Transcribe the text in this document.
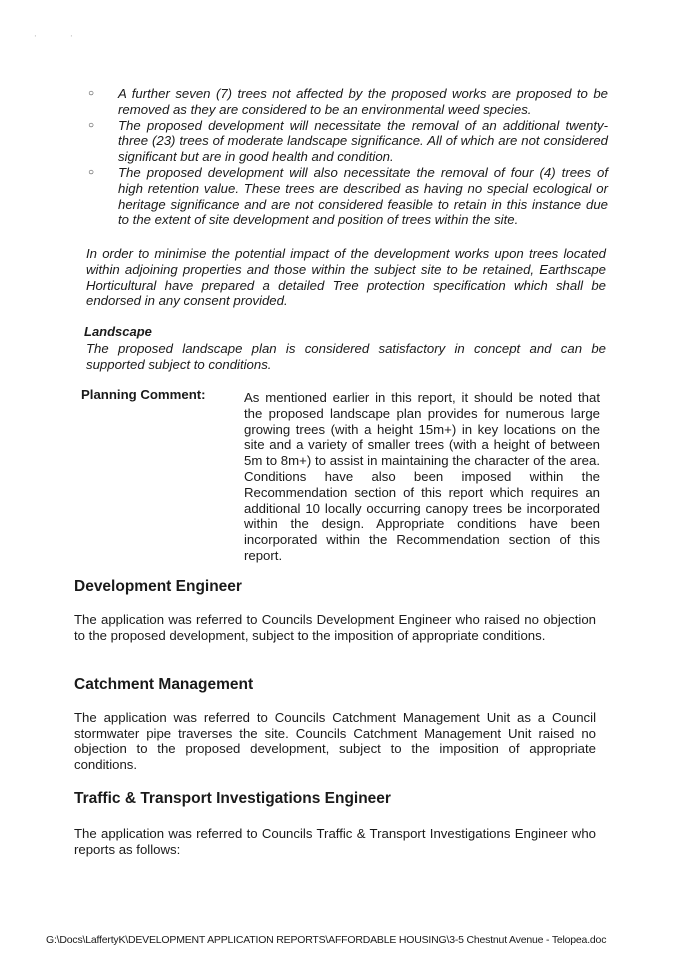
ˌ	ˌ
○ A further seven (7) trees not affected by the proposed works are proposed to be removed as they are considered to be an environmental weed species.
○ The proposed development will necessitate the removal of an additional twenty-three (23) trees of moderate landscape significance. All of which are not considered significant but are in good health and condition.
○ The proposed development will also necessitate the removal of four (4) trees of high retention value. These trees are described as having no special ecological or heritage significance and are not considered feasible to retain in this instance due to the extent of site development and position of trees within the site.

In order to minimise the potential impact of the development works upon trees located within adjoining properties and those within the subject site to be retained, Earthscape Horticultural have prepared a detailed Tree protection specification which shall be endorsed in any consent provided.

Landscape

The proposed landscape plan is considered satisfactory in concept and can be supported subject to conditions.

Planning Comment:	As mentioned earlier in this report, it should be noted that the proposed landscape plan provides for numerous large growing trees (with a height 15m+) in key locations on the site and a variety of smaller trees (with a height of between 5m to 8m+) to assist in maintaining the character of the area. Conditions have also been imposed within the Recommendation section of this report which requires an additional 10 locally occurring canopy trees be incorporated within the design. Appropriate conditions have been incorporated within the Recommendation section of this report.

Development Engineer

The application was referred to Councils Development Engineer who raised no objection to the proposed development, subject to the imposition of appropriate conditions.

Catchment Management

The application was referred to Councils Catchment Management Unit as a Council stormwater pipe traverses the site. Councils Catchment Management Unit raised no objection to the proposed development, subject to the imposition of appropriate conditions.

Traffic & Transport Investigations Engineer

The application was referred to Councils Traffic & Transport Investigations Engineer who reports as follows:

G:\Docs\LaffertyK\DEVELOPMENT APPLICATION REPORTS\AFFORDABLE HOUSING\3-5 Chestnut Avenue - Telopea.doc
